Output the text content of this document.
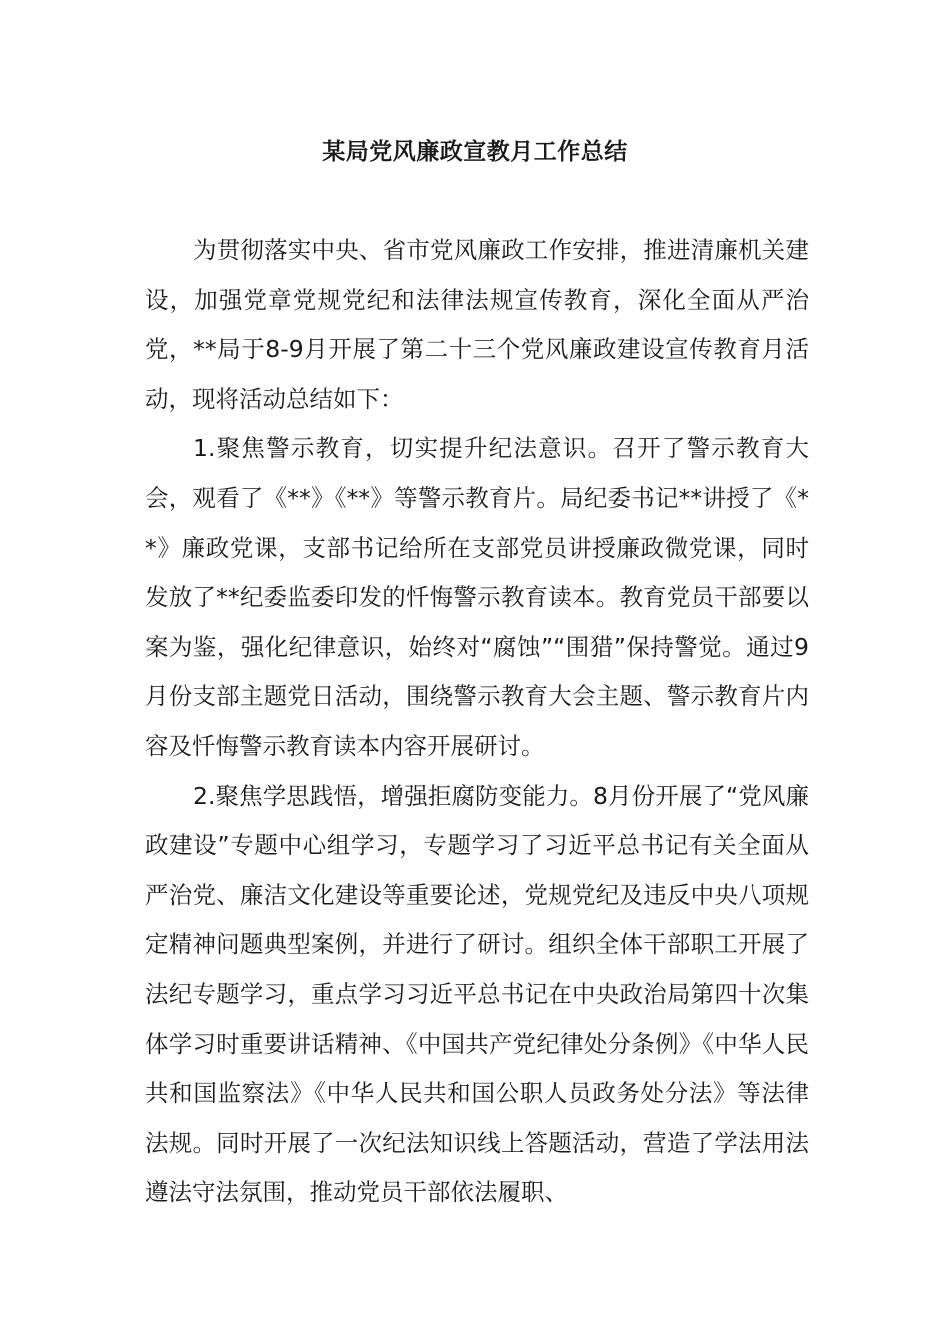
某局党风廉政宣教月工作总结

为贯彻落实中央、省市党风廉政工作安排，推进清廉机关建设，加强党章党规党纪和法律法规宣传教育，深化全面从严治党，**局于8-9月开展了第二十三个党风廉政建设宣传教育月活动，现将活动总结如下：

1.聚焦警示教育，切实提升纪法意识。召开了警示教育大会，观看了《**》《**》等警示教育片。局纪委书记**讲授了《**》廉政党课，支部书记给所在支部党员讲授廉政微党课，同时发放了**纪委监委印发的忏悔警示教育读本。教育党员干部要以案为鉴，强化纪律意识，始终对“腐蚀”“围猎”保持警觉。通过9月份支部主题党日活动，围绕警示教育大会主题、警示教育片内容及忏悔警示教育读本内容开展研讨。

2.聚焦学思践悟，增强拒腐防变能力。8月份开展了“党风廉政建设”专题中心组学习，专题学习了习近平总书记有关全面从严治党、廉洁文化建设等重要论述，党规党纪及违反中央八项规定精神问题典型案例，并进行了研讨。组织全体干部职工开展了法纪专题学习，重点学习习近平总书记在中央政治局第四十次集体学习时重要讲话精神、《中国共产党纪律处分条例》《中华人民共和国监察法》《中华人民共和国公职人员政务处分法》等法律法规。同时开展了一次纪法知识线上答题活动，营造了学法用法遵法守法氛围，推动党员干部依法履职、
